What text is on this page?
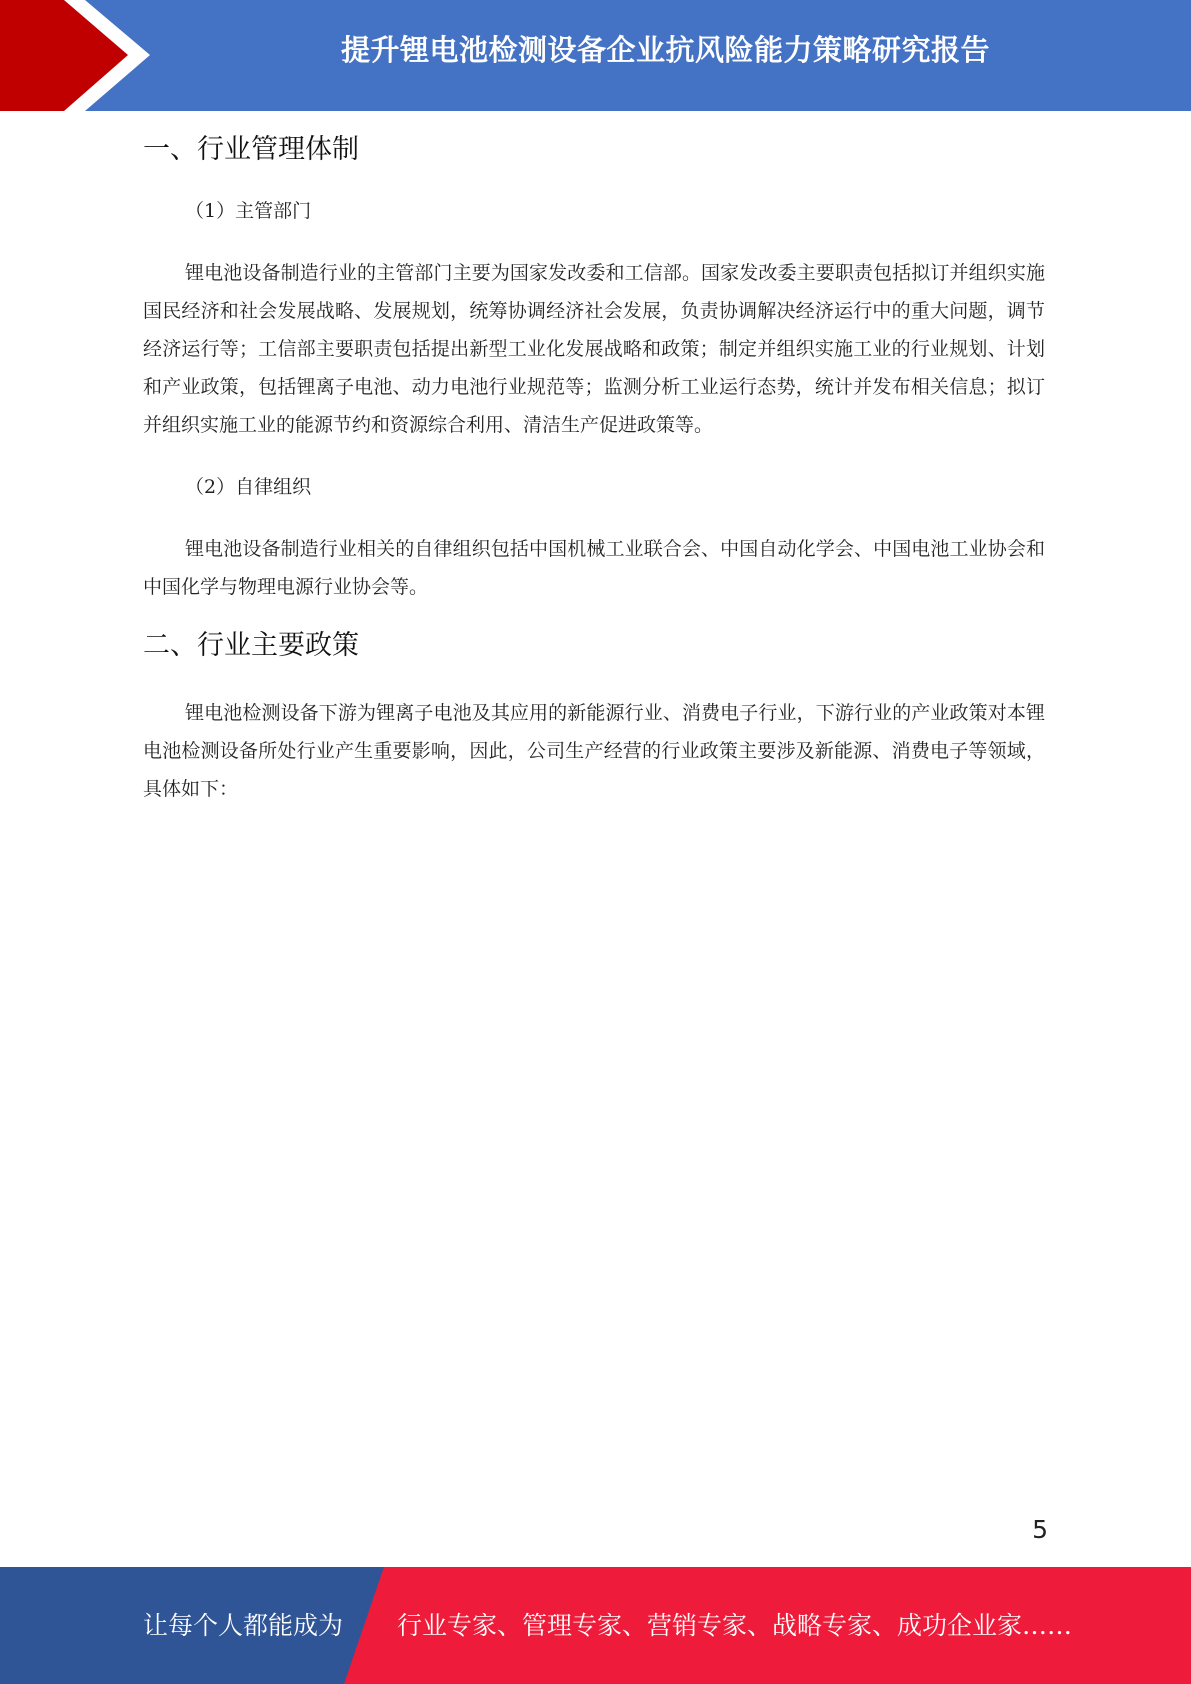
提升锂电池检测设备企业抗风险能力策略研究报告
一、行业管理体制

（1）主管部门

锂电池设备制造行业的主管部门主要为国家发改委和工信部。国家发改委主要职责包括拟订并组织实施国民经济和社会发展战略、发展规划，统筹协调经济社会发展，负责协调解决经济运行中的重大问题，调节经济运行等；工信部主要职责包括提出新型工业化发展战略和政策；制定并组织实施工业的行业规划、计划和产业政策，包括锂离子电池、动力电池行业规范等；监测分析工业运行态势，统计并发布相关信息；拟订并组织实施工业的能源节约和资源综合利用、清洁生产促进政策等。

（2）自律组织

锂电池设备制造行业相关的自律组织包括中国机械工业联合会、中国自动化学会、中国电池工业协会和中国化学与物理电源行业协会等。

二、行业主要政策

锂电池检测设备下游为锂离子电池及其应用的新能源行业、消费电子行业，下游行业的产业政策对本锂电池检测设备所处行业产生重要影响，因此，公司生产经营的行业政策主要涉及新能源、消费电子等领域，具体如下：

5
让每个人都能成为 行业专家、管理专家、营销专家、战略专家、成功企业家……
